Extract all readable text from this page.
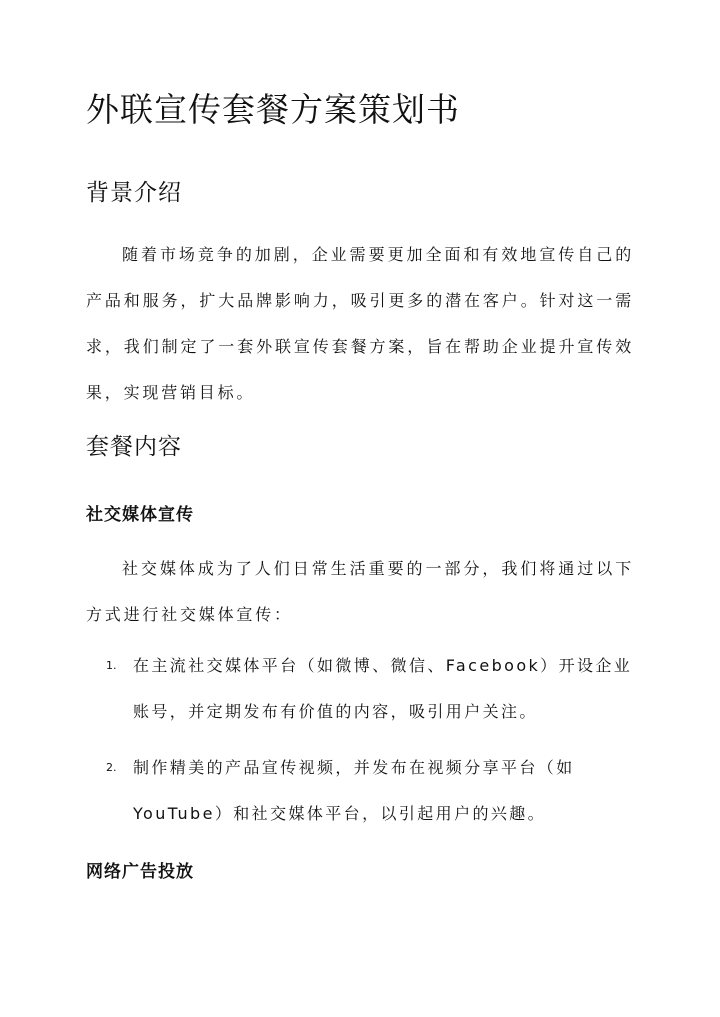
外联宣传套餐方案策划书
背景介绍

随着市场竞争的加剧，企业需要更加全面和有效地宣传自己的产品和服务，扩大品牌影响力，吸引更多的潜在客户。针对这一需求，我们制定了一套外联宣传套餐方案，旨在帮助企业提升宣传效果，实现营销目标。

套餐内容
社交媒体宣传

社交媒体成为了人们日常生活重要的一部分，我们将通过以下方式进行社交媒体宣传：

1. 在主流社交媒体平台（如微博、微信、Facebook）开设企业账号，并定期发布有价值的内容，吸引用户关注。
2. 制作精美的产品宣传视频，并发布在视频分享平台（如YouTube）和社交媒体平台，以引起用户的兴趣。
网络广告投放
